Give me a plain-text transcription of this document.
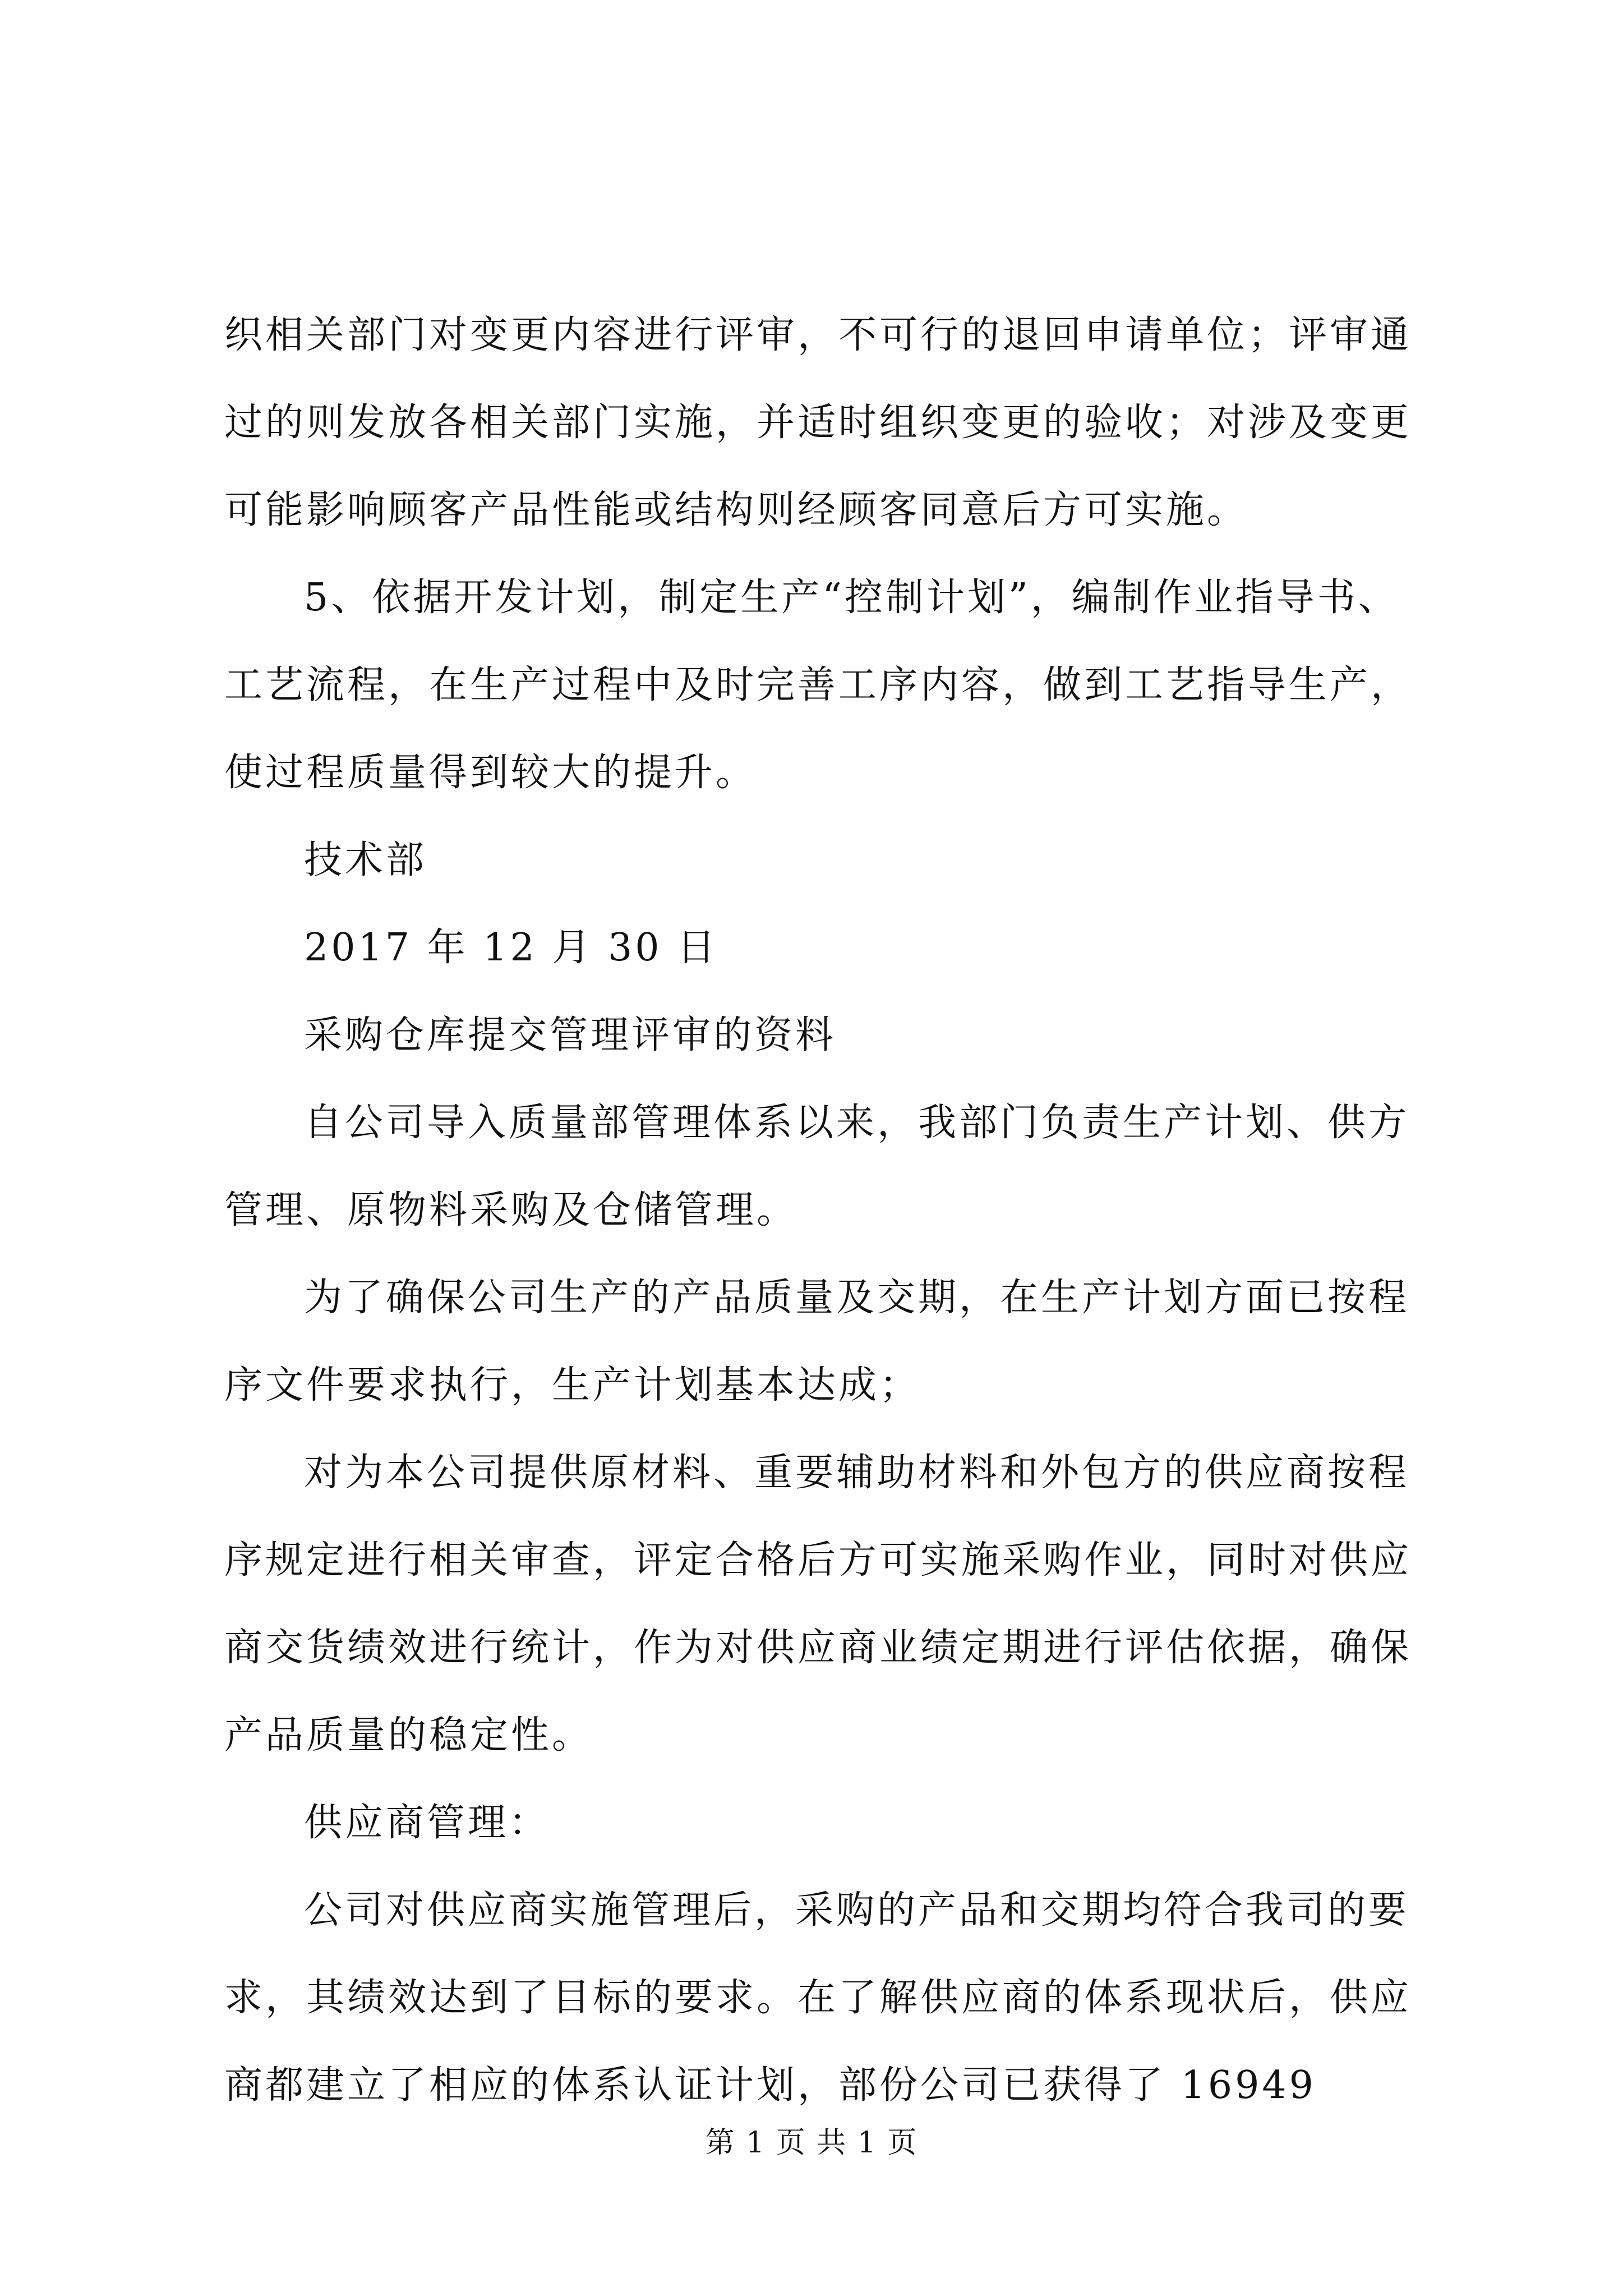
织相关部门对变更内容进行评审，不可行的退回申请单位；评审通过的则发放各相关部门实施，并适时组织变更的验收；对涉及变更可能影响顾客产品性能或结构则经顾客同意后方可实施。

5、依据开发计划，制定生产“控制计划”，编制作业指导书、工艺流程，在生产过程中及时完善工序内容，做到工艺指导生产，使过程质量得到较大的提升。

技术部

2017 年 12 月 30 日

采购仓库提交管理评审的资料

自公司导入质量部管理体系以来，我部门负责生产计划、供方管理、原物料采购及仓储管理。

为了确保公司生产的产品质量及交期，在生产计划方面已按程序文件要求执行，生产计划基本达成；

对为本公司提供原材料、重要辅助材料和外包方的供应商按程序规定进行相关审查，评定合格后方可实施采购作业，同时对供应商交货绩效进行统计，作为对供应商业绩定期进行评估依据，确保产品质量的稳定性。

供应商管理：

公司对供应商实施管理后，采购的产品和交期均符合我司的要求，其绩效达到了目标的要求。在了解供应商的体系现状后，供应商都建立了相应的体系认证计划，部份公司已获得了 16949

第 1 页 共 1 页
